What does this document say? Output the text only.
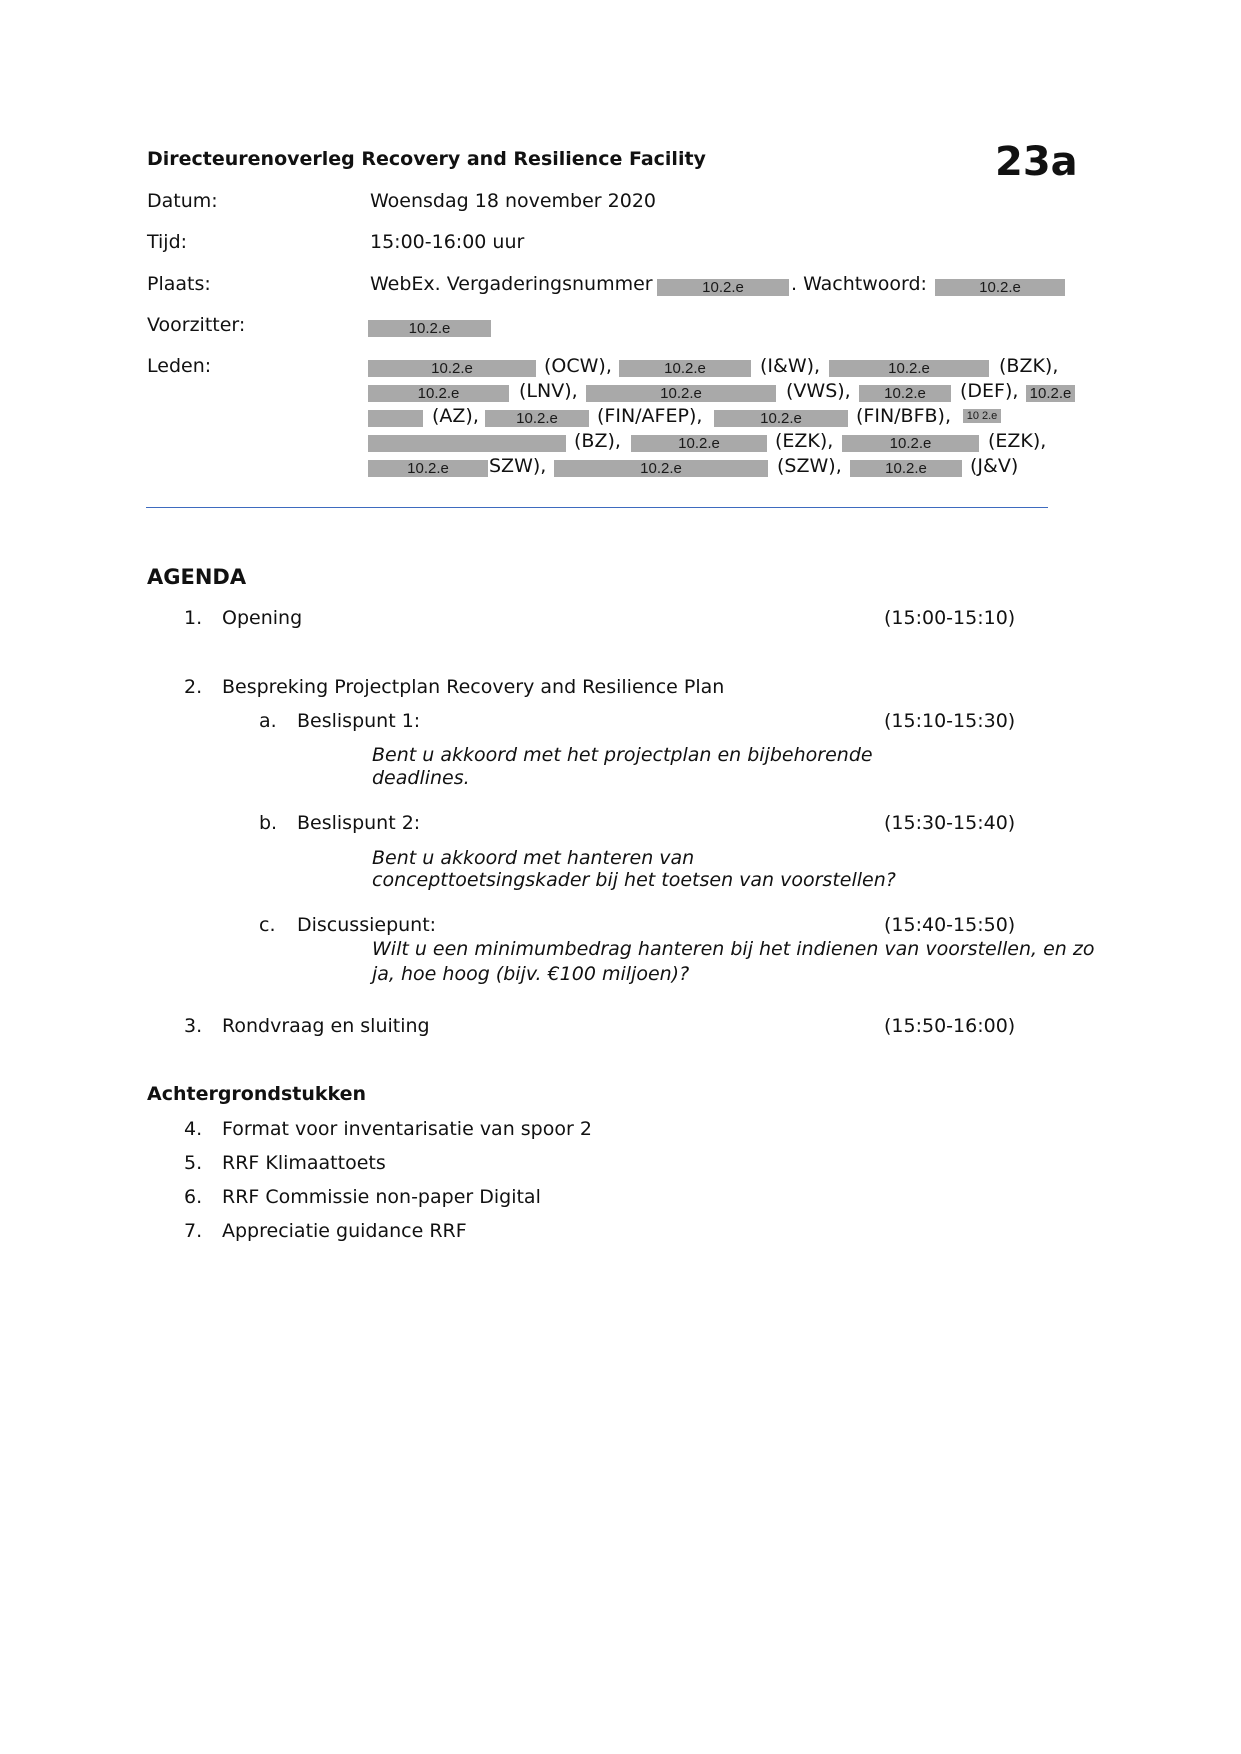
Directeurenoverleg Recovery and Resilience Facility	23a
Datum:	Woensdag 18 november 2020
Tijd:	15:00-16:00 uur
Plaats:	WebEx. Vergaderingsnummer	10.2.e	. Wachtwoord:	10.2.e
Voorzitter:	10.2.e
Leden:	10.2.e	(OCW),	10.2.e	(I&W),	10.2.e	(BZK),
10.2.e	(LNV),	10.2.e	(VWS),	10.2.e	(DEF), 10.2.e
(AZ),	10.2.e	(FIN/AFEP),	10.2.e	(FIN/BFB),	10 2.e
(BZ),	10.2.e	(EZK),	10.2.e	(EZK),
10.2.e	SZW),	10.2.e	(SZW),	10.2.e	(J&V)
AGENDA
1. Opening	(15:00-15:10)
2. Bespreking Projectplan Recovery and Resilience Plan
a. Beslispunt 1:	(15:10-15:30)
Bent u akkoord met het projectplan en bijbehorende
deadlines.
b. Beslispunt 2:	(15:30-15:40)
Bent u akkoord met hanteren van
concepttoetsingskader bij het toetsen van voorstellen?
c. Discussiepunt:	(15:40-15:50)
Wilt u een minimumbedrag hanteren bij het indienen van voorstellen, en zo
ja, hoe hoog (bijv. €100 miljoen)?
3. Rondvraag en sluiting	(15:50-16:00)
Achtergrondstukken
4. Format voor inventarisatie van spoor 2
5. RRF Klimaattoets
6. RRF Commissie non-paper Digital
7. Appreciatie guidance RRF
